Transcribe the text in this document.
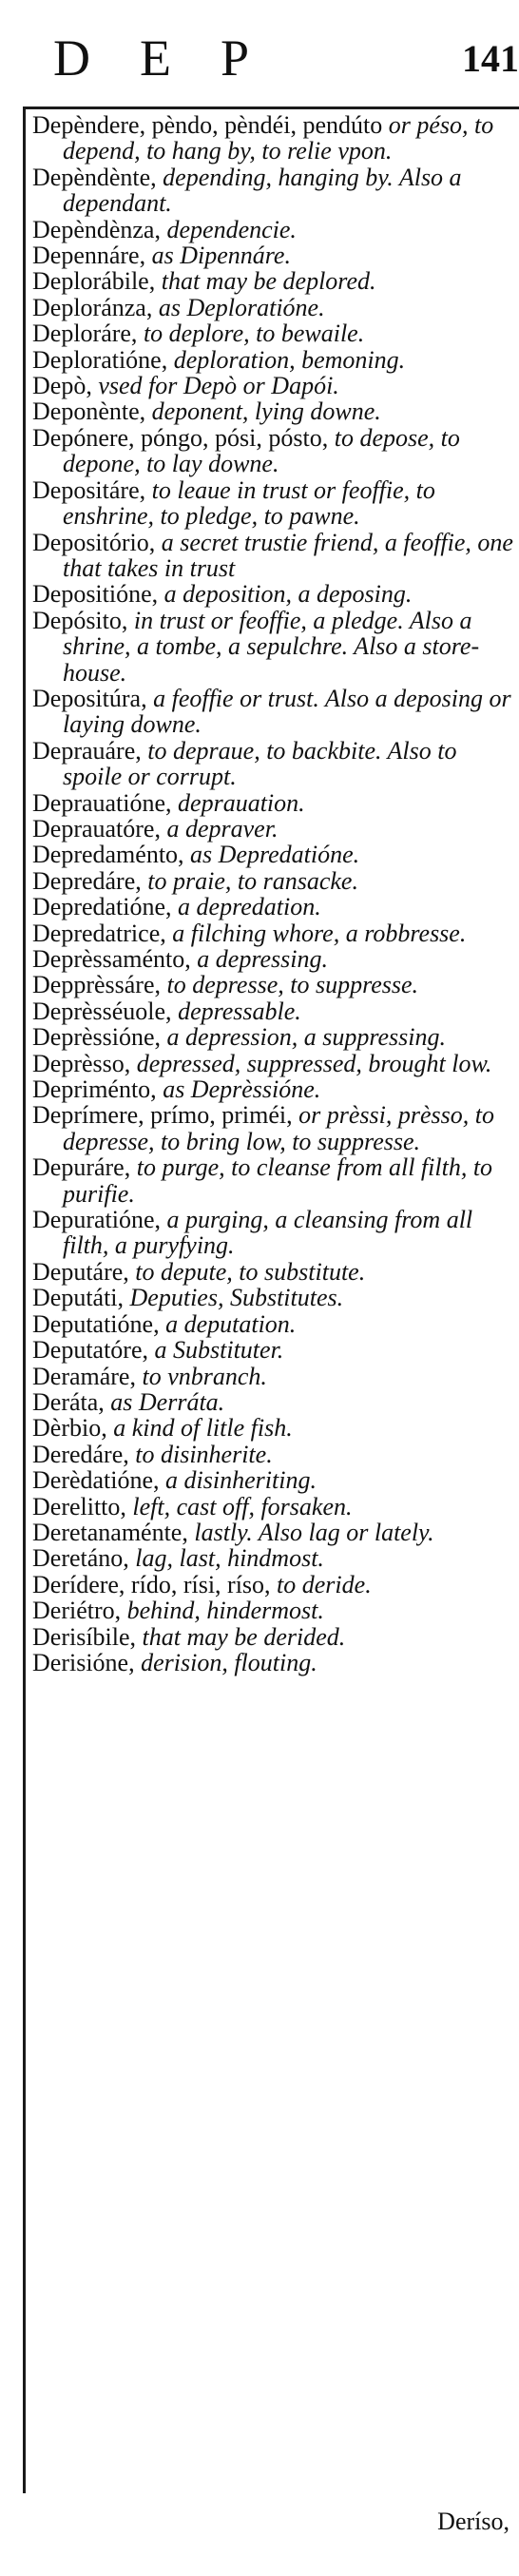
DEP	141

Depèndere, pèndo, pèndéi, pendúto or péso, to depend, to hang by, to relie vpon.

Depèndènte, depending, hanging by. Also a dependant.

Depèndènza, dependencie.

Depennáre, as Dipennáre.

Deplorábile, that may be deplored.

Deploránza, as Deploratióne.

Deploráre, to deplore, to bewaile.

Deploratióne, deploration, bemoning.

Depò, vsed for Depò or Dapói.

Deponènte, deponent, lying downe.

Depónere, póngo, pósi, pósto, to depose, to depone, to lay downe.

Depositáre, to leaue in trust or feoffie, to enshrine, to pledge, to pawne.

Depositório, a secret trustie friend, a feoffie, one that takes in trust

Depositióne, a deposition, a deposing.

Depósito, in trust or feoffie, a pledge. Also a shrine, a tombe, a sepulchre. Also a store-house.

Depositúra, a feoffie or trust. Also a deposing or laying downe.

Deprauáre, to depraue, to backbite. Also to spoile or corrupt.

Deprauatióne, deprauation.

Deprauatóre, a depraver.

Depredaménto, as Depredatióne.

Depredáre, to praie, to ransacke.

Depredatióne, a depredation.

Depredatrice, a filching whore, a robbresse.

Deprèssaménto, a depressing.

Depprèssáre, to depresse, to suppresse.

Deprèsséuole, depressable.

Deprèssióne, a depression, a suppressing.

Deprèsso, depressed, suppressed, brought low.

Depriménto, as Deprèssióne.

Deprímere, prímo, priméi, or prèssi, prèsso, to depresse, to bring low, to suppresse.

Depuráre, to purge, to cleanse from all filth, to purifie.

Depuratióne, a purging, a cleansing from all filth, a puryfying.

Deputáre, to depute, to substitute.

Deputáti, Deputies, Substitutes.

Deputatióne, a deputation.

Deputatóre, a Substituter.

Deramáre, to vnbranch.

Deráta, as Derráta.

Dèrbio, a kind of litle fish.

Deredáre, to disinherite.

Derèdatióne, a disinheriting.

Derelitto, left, cast off, forsaken.

Deretanaménte, lastly. Also lag or lately.

Deretáno, lag, last, hindmost.

Derídere, rído, rísi, ríso, to deride.

Deriétro, behind, hindermost.

Derisíbile, that may be derided.

Derisióne, derision, flouting.

Deríso,
